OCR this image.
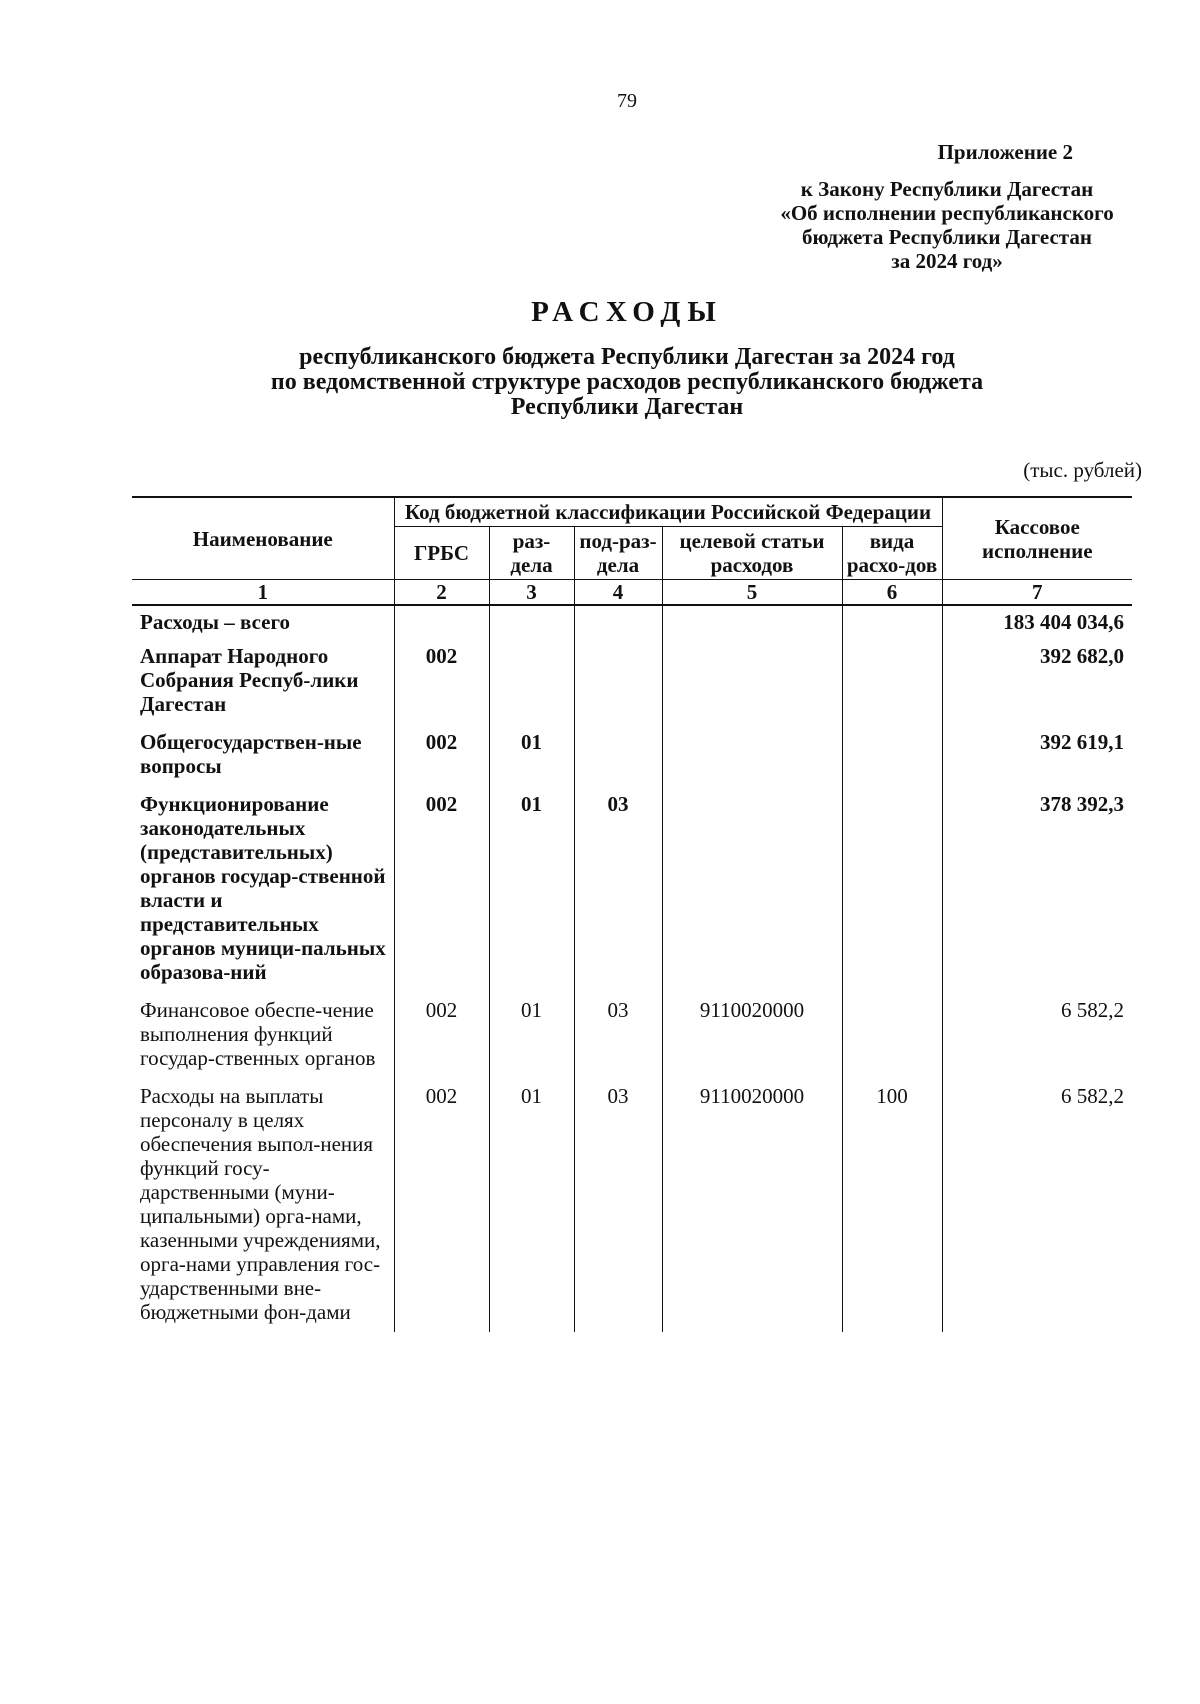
79
Приложение 2
к Закону Республики Дагестан
«Об исполнении республиканского
бюджета Республики Дагестан
за 2024 год»
РАСХОДЫ
республиканского бюджета Республики Дагестан за 2024 год
по ведомственной структуре расходов республиканского бюджета
Республики Дагестан
(тыс. рублей)
Наименование	Код бюджетной классификации Российской Федерации					Кассовое исполнение
	ГРБС	раз-дела	под-раз-дела	целевой статьи расходов	вида расхо-дов	
1	2	3	4	5	6	7
Расходы – всего						183 404 034,6
Аппарат Народного Собрания Респуб-лики Дагестан	002					392 682,0
Общегосударствен-ные вопросы	002	01				392 619,1
Функционирование законодательных (представительных) органов государ-ственной власти и представительных органов муници-пальных образова-ний	002	01	03			378 392,3
Финансовое обеспе-чение выполнения функций государ-ственных органов	002	01	03	9110020000		6 582,2
Расходы на выплаты персоналу в целях обеспечения выпол-нения функций госу-дарственными (муни-ципальными) орга-нами, казенными учреждениями, орга-нами управления гос-ударственными вне-бюджетными фон-дами	002	01	03	9110020000	100	6 582,2
